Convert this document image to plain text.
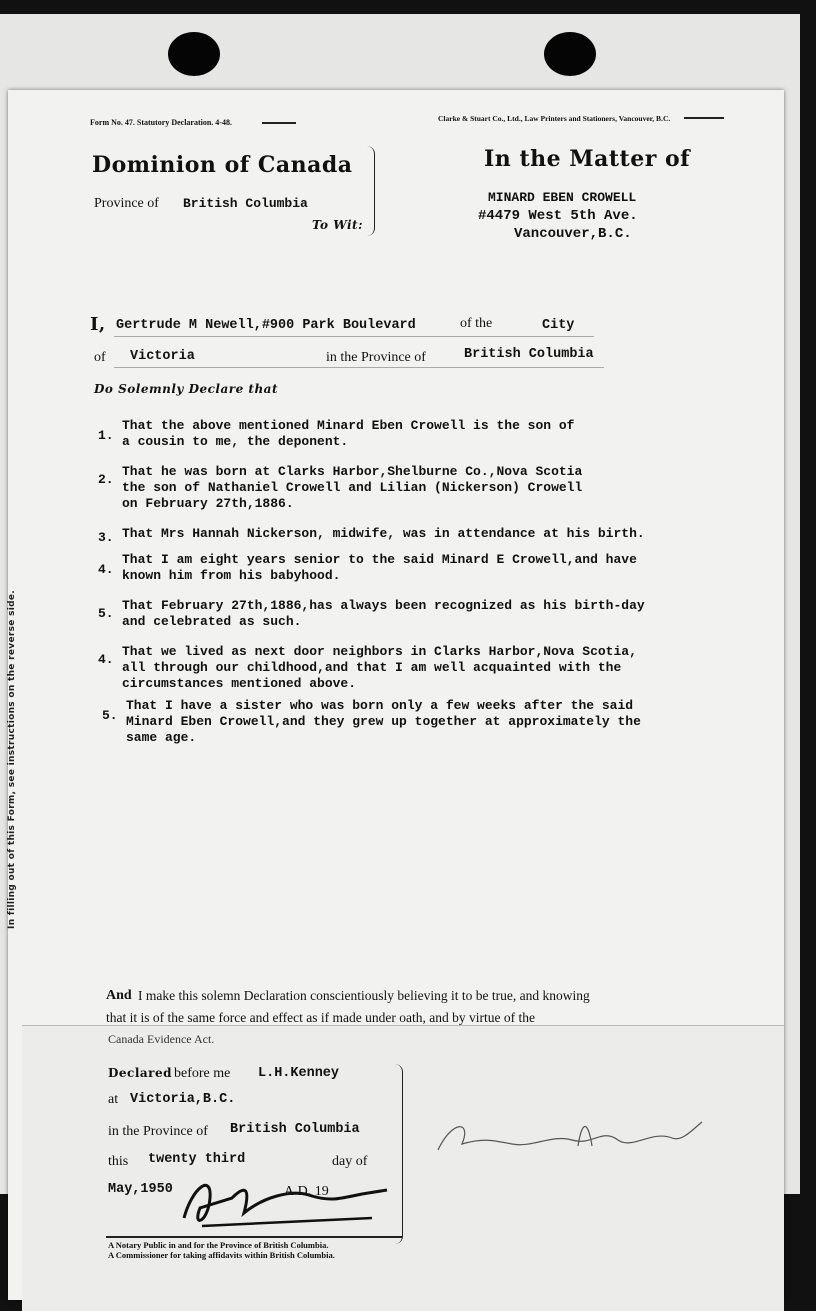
In filling out of this Form, see instructions on the reverse side.
Form No. 47. Statutory Declaration. 4-48.	Clarke & Stuart Co., Ltd., Law Printers and Stationers, Vancouver, B.C.
Dominion of Canada
Province of British Columbia
To Wit:
In the Matter of
MINARD EBEN CROWELL
#4479 West 5th Ave.
Vancouver,B.C.
I, Gertrude M Newell,#900 Park Boulevard	of the	City
of Victoria	in the Province of	British Columbia
Do Solemnly Declare that
1.
That the above mentioned Minard Eben Crowell is the son of
a cousin to me, the deponent.
2.
That he was born at Clarks Harbor,Shelburne Co.,Nova Scotia
the son of Nathaniel Crowell and Lilian (Nickerson) Crowell
on February 27th,1886.
3. That Mrs Hannah Nickerson, midwife, was in attendance at his birth.
4.
That I am eight years senior to the said Minard E Crowell,and have
known him from his babyhood.
5.
That February 27th,1886,has always been recognized as his birth-day
and celebrated as such.
4.
That we lived as next door neighbors in Clarks Harbor,Nova Scotia,
all through our childhood,and that I am well acquainted with the
circumstances mentioned above.
5.
That I have a sister who was born only a few weeks after the said
Minard Eben Crowell,and they grew up together at approximately the
same age.
And I make this solemn Declaration conscientiously believing it to be true, and knowing
that it is of the same force and effect as if made under oath, and by virtue of the
Canada Evidence Act.
Declared before me L.H.Kenney
at Victoria,B.C.
in the Province of British Columbia
this twenty third	day of
May,1950	A.D. 19
A Notary Public in and for the Province of British Columbia.
A Commissioner for taking affidavits within British Columbia.
